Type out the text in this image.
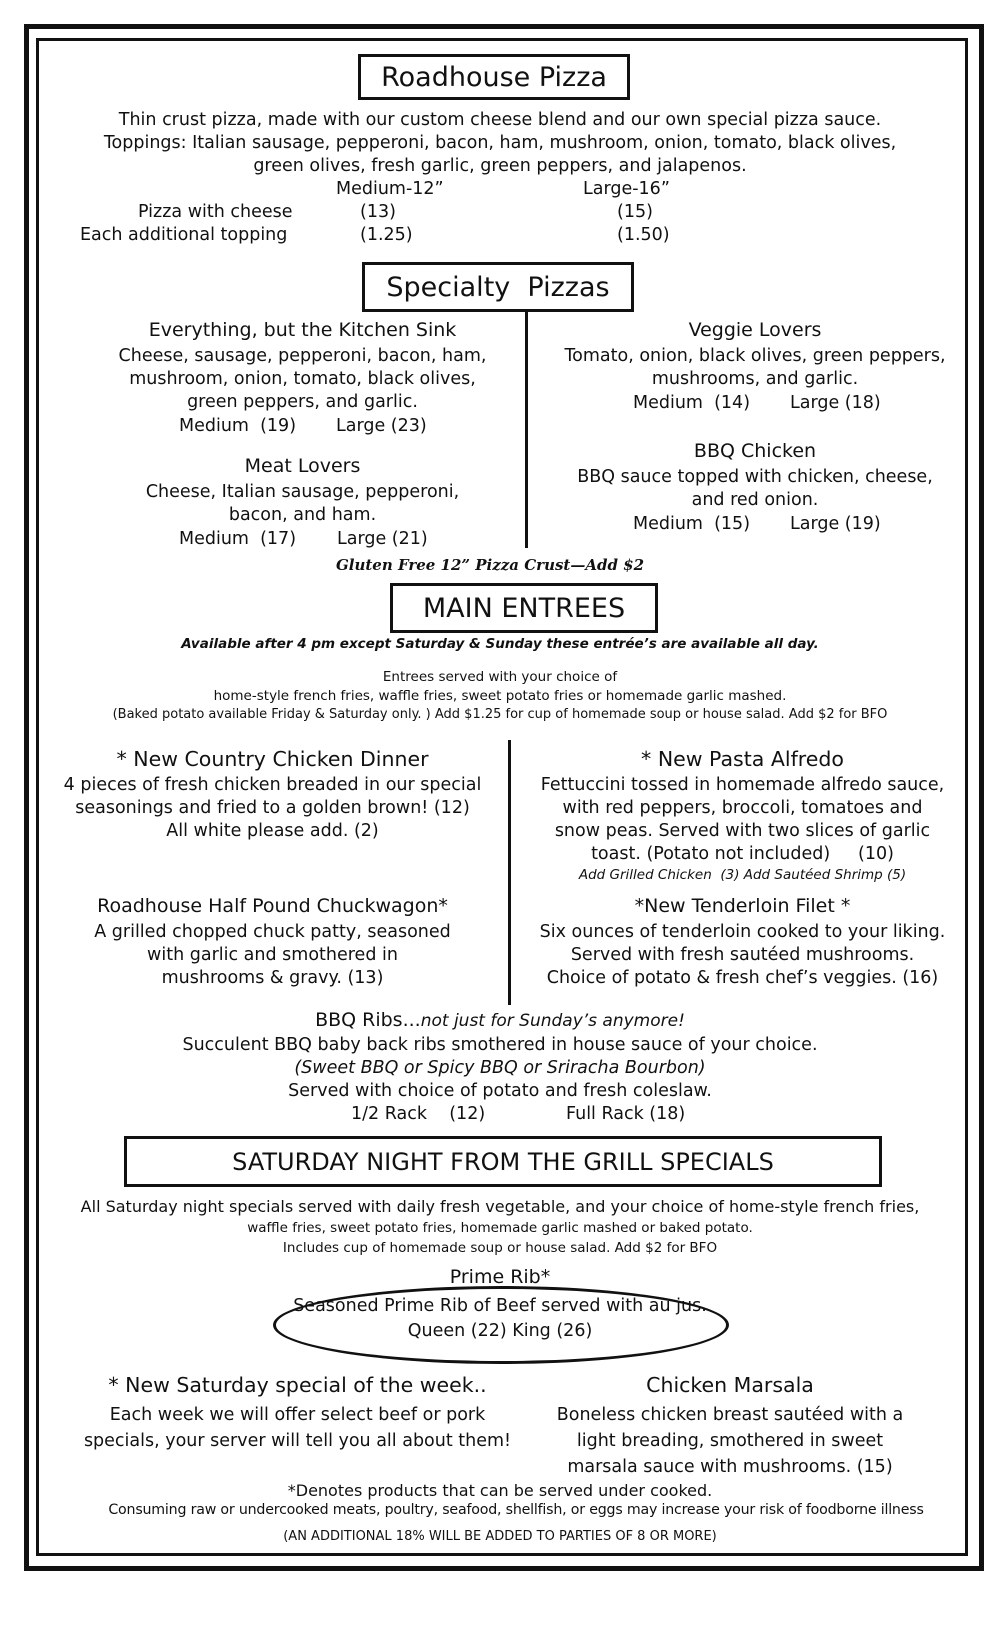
Roadhouse Pizza
Thin crust pizza, made with our custom cheese blend and our own special pizza sauce.
Toppings: Italian sausage, pepperoni, bacon, ham, mushroom, onion, tomato, black olives,
green olives, fresh garlic, green peppers, and jalapenos.
Medium-12”	Large-16”
Pizza with cheese	(13)	(15)
Each additional topping	(1.25)	(1.50)
Specialty  Pizzas
Everything, but the Kitchen Sink
Cheese, sausage, pepperoni, bacon, ham,
mushroom, onion, tomato, black olives,
green peppers, and garlic.
Medium  (19) Large (23)
Meat Lovers
Cheese, Italian sausage, pepperoni,
bacon, and ham.
Medium  (17) Large (21)
Veggie Lovers
Tomato, onion, black olives, green peppers,
mushrooms, and garlic.
Medium  (14) Large (18)
BBQ Chicken
BBQ sauce topped with chicken, cheese,
and red onion.
Medium  (15) Large (19)
Gluten Free 12” Pizza Crust—Add $2
MAIN ENTREES
Available after 4 pm except Saturday & Sunday these entrée’s are available all day.
Entrees served with your choice of
home-style french fries, waffle fries, sweet potato fries or homemade garlic mashed.
(Baked potato available Friday & Saturday only. ) Add $1.25 for cup of homemade soup or house salad. Add $2 for BFO
* New Country Chicken Dinner
4 pieces of fresh chicken breaded in our special
seasonings and fried to a golden brown! (12)
All white please add. (2)
* New Pasta Alfredo
Fettuccini tossed in homemade alfredo sauce,
with red peppers, broccoli, tomatoes and
snow peas. Served with two slices of garlic
toast. (Potato not included)     (10)
Add Grilled Chicken  (3) Add Sautéed Shrimp (5)
Roadhouse Half Pound Chuckwagon*
A grilled chopped chuck patty, seasoned
with garlic and smothered in
mushrooms & gravy. (13)
*New Tenderloin Filet *
Six ounces of tenderloin cooked to your liking.
Served with fresh sautéed mushrooms.
Choice of potato & fresh chef’s veggies. (16)
BBQ Ribs...not just for Sunday’s anymore!
Succulent BBQ baby back ribs smothered in house sauce of your choice.
(Sweet BBQ or Spicy BBQ or Sriracha Bourbon)
Served with choice of potato and fresh coleslaw.
1/2 Rack    (12)	Full Rack (18)
SATURDAY NIGHT FROM THE GRILL SPECIALS
All Saturday night specials served with daily fresh vegetable, and your choice of home-style french fries,
waffle fries, sweet potato fries, homemade garlic mashed or baked potato.
Includes cup of homemade soup or house salad. Add $2 for BFO
Prime Rib*
Seasoned Prime Rib of Beef served with au jus.
Queen (22) King (26)
* New Saturday special of the week..
Each week we will offer select beef or pork
specials, your server will tell you all about them!
Chicken Marsala
Boneless chicken breast sautéed with a
light breading, smothered in sweet
marsala sauce with mushrooms. (15)
*Denotes products that can be served under cooked.
Consuming raw or undercooked meats, poultry, seafood, shellfish, or eggs may increase your risk of foodborne illness
(AN ADDITIONAL 18% WILL BE ADDED TO PARTIES OF 8 OR MORE)
